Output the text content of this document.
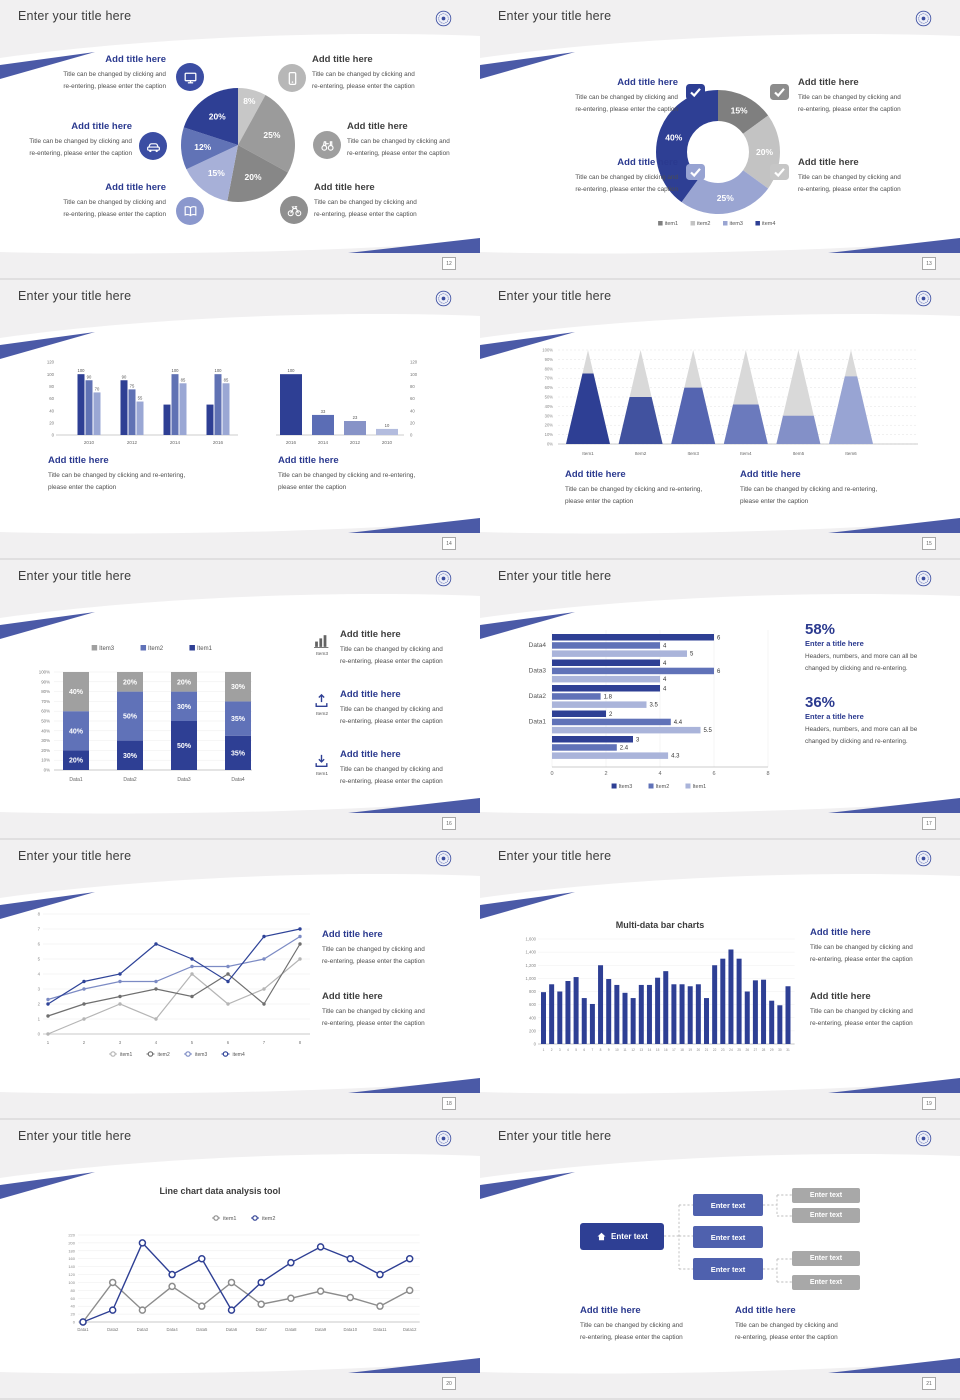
8%
25%
20%
15%
12%
20%
Add title here
Title can be changed by clicking and
re-entering, please enter the caption
Add title here
Title can be changed by clicking and
re-entering, please enter the caption
Add title here
Title can be changed by clicking and
re-entering, please enter the caption
Add title here
Title can be changed by clicking and
re-entering, please enter the caption
Add title here
Title can be changed by clicking and
re-entering, please enter the caption
Add title here
Title can be changed by clicking and
re-entering, please enter the caption
Enter your title here
12
15%
20%
25%
40%
item1	item2	item3	item4
Add title here
Title can be changed by clicking and
re-entering, please enter the caption
Add title here
Title can be changed by clicking and
re-entering, please enter the caption
Add title here
Title can be changed by clicking and
re-entering, please enter the caption
Add title here
Title can be changed by clicking and
re-entering, please enter the caption
Enter your title here
13
0
20
40
60
80
100
120
2010
100
90
70
2012
90
75
55
2014
100
85
2016
100
85
0
20
40
60
80
100
120
100
2016
33
2014
23
2012
10
2010
Add title here
Title can be changed by clicking and re-entering,
please enter the caption
Add title here
Title can be changed by clicking and re-entering,
please enter the caption
Enter your title here
14
0%
10%
20%
30%
40%
50%
60%
70%
80%
90%
100%
Item1	Item2	Item3	Item4	Item5	Item6
Add title here
Title can be changed by clicking and re-entering,
please enter the caption
Add title here
Title can be changed by clicking and re-entering,
please enter the caption
Enter your title here
15
Item3	Item2	Item1
0%
10%
20%
30%
40%
50%
60%
70%
80%
90%
100%
Data1
20%
40%
40%
Data2
30%
50%
20%
Data3
50%
30%
20%
Data4
35%
35%
30%
Item3
Add title here
Title can be changed by clicking and
re-entering, please enter the caption
Item2
Add title here
Title can be changed by clicking and
re-entering, please enter the caption
Item1
Add title here
Title can be changed by clicking and
re-entering, please enter the caption
Enter your title here
16
0	2	4	6	8
Data4
6
4
5
Data3
4
6
4
Data2
4
1.8
3.5
Data1
2
4.4
5.5
3
2.4
4.3
Item3	Item2	Item1
58%
Enter a title here
Headers, numbers, and more can all be
changed by clicking and re-entering.
36%
Enter a title here
Headers, numbers, and more can all be
changed by clicking and re-entering.
Enter your title here
17
0
1
2
3
4
5
6
7
8
1	2	3	4	5	6	7	8
item1	item2	item3	item4
Add title here
Title can be changed by clicking and
re-entering, please enter the caption
Add title here
Title can be changed by clicking and
re-entering, please enter the caption
Enter your title here
18
Multi-data bar charts
0
200
400
600
800
1,000
1,200
1,400
1,600
1 2 3 4 5 6 7 8 9 10 11 12 13 14 15 16 17 18 19 20 21 22 23 24 25 26 27 28 29 30 31
Add title here
Title can be changed by clicking and
re-entering, please enter the caption
Add title here
Title can be changed by clicking and
re-entering, please enter the caption
Enter your title here
19
Line chart data analysis tool
0
20
40
60
80
100
120
140
160
180
200
220
Data1	Data2	Data3	Data4	Data5	Data6	Data7	Data8	Data9	Data10	Data11	Data12
item1	item2
Enter your title here
20
Enter text
Enter text
Enter text
Enter text
Enter text
Enter text
Enter text
Enter text
Add title here
Title can be changed by clicking and
re-entering, please enter the caption
Add title here
Title can be changed by clicking and
re-entering, please enter the caption
Enter your title here
21
